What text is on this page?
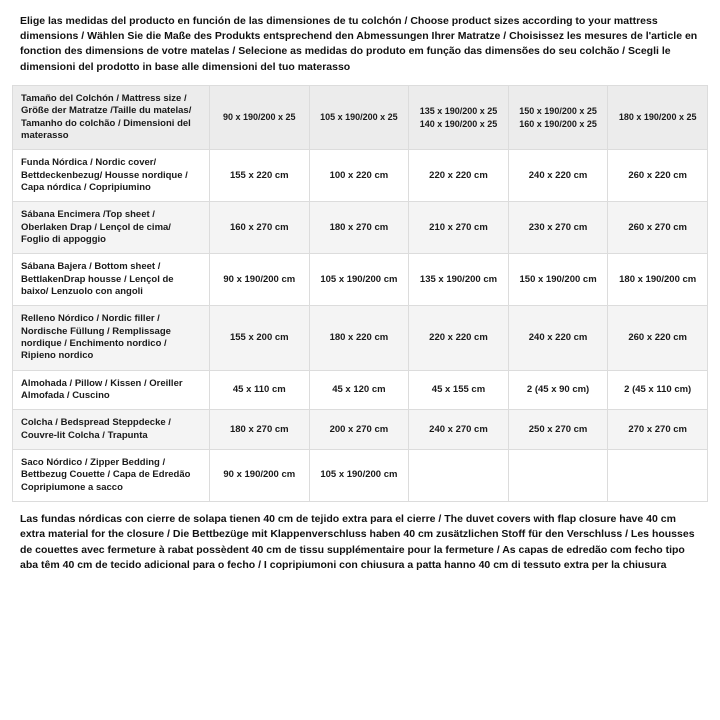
Elige las medidas del producto en función de las dimensiones de tu colchón / Choose product sizes according to your mattress dimensions / Wählen Sie die Maße des Produkts entsprechend den Abmessungen Ihrer Matratze / Choisissez les mesures de l'article en fonction des dimensions de votre matelas / Selecione as medidas do produto em função das dimensões do seu colchão / Scegli le dimensioni del prodotto in base alle dimensioni del tuo materasso
Tamaño del Colchón / Mattress size / Größe der Matratze /Taille du matelas/ Tamanho do colchão / Dimensioni del materasso	90 x 190/200 x 25	105 x 190/200 x 25	135 x 190/200 x 25 140 x 190/200 x 25	150 x 190/200 x 25 160 x 190/200 x 25	180 x 190/200 x 25
Funda Nórdica / Nordic cover/ Bettdeckenbezug/ Housse nordique / Capa nórdica / Copripiumino	155 x 220 cm	100 x 220 cm	220 x 220 cm	240 x 220 cm	260 x 220 cm
Sábana Encimera /Top sheet / Oberlaken Drap / Lençol de cima/ Foglio di appoggio	160 x 270 cm	180 x 270 cm	210 x 270 cm	230 x 270 cm	260 x 270 cm
Sábana Bajera / Bottom sheet / BettlakenDrap housse / Lençol de baixo/ Lenzuolo con angoli	90 x 190/200 cm	105 x 190/200 cm	135 x 190/200 cm	150 x 190/200 cm	180 x 190/200 cm
Relleno Nórdico / Nordic filler / Nordische Füllung / Remplissage nordique / Enchimento nordico / Ripieno nordico	155 x 200 cm	180 x 220 cm	220 x 220 cm	240 x 220 cm	260 x 220 cm
Almohada / Pillow / Kissen / Oreiller Almofada / Cuscino	45 x 110 cm	45 x 120 cm	45 x 155 cm	2 (45 x 90 cm)	2 (45 x 110 cm)
Colcha / Bedspread Steppdecke / Couvre-lit Colcha / Trapunta	180 x 270 cm	200 x 270 cm	240 x 270 cm	250 x 270 cm	270 x 270 cm
Saco Nórdico / Zipper Bedding / Bettbezug Couette / Capa de Edredão Copripiumone a sacco	90 x 190/200 cm	105 x 190/200 cm			
Las fundas nórdicas con cierre de solapa tienen 40 cm de tejido extra para el cierre / The duvet covers with flap closure have 40 cm extra material for the closure / Die Bettbezüge mit Klappenverschluss haben 40 cm zusätzlichen Stoff für den Verschluss / Les housses de couettes avec fermeture à rabat possèdent 40 cm de tissu supplémentaire pour la fermeture / As capas de edredão com fecho tipo aba têm 40 cm de tecido adicional para o fecho / I copripiumoni con chiusura a patta hanno 40 cm di tessuto extra per la chiusura
